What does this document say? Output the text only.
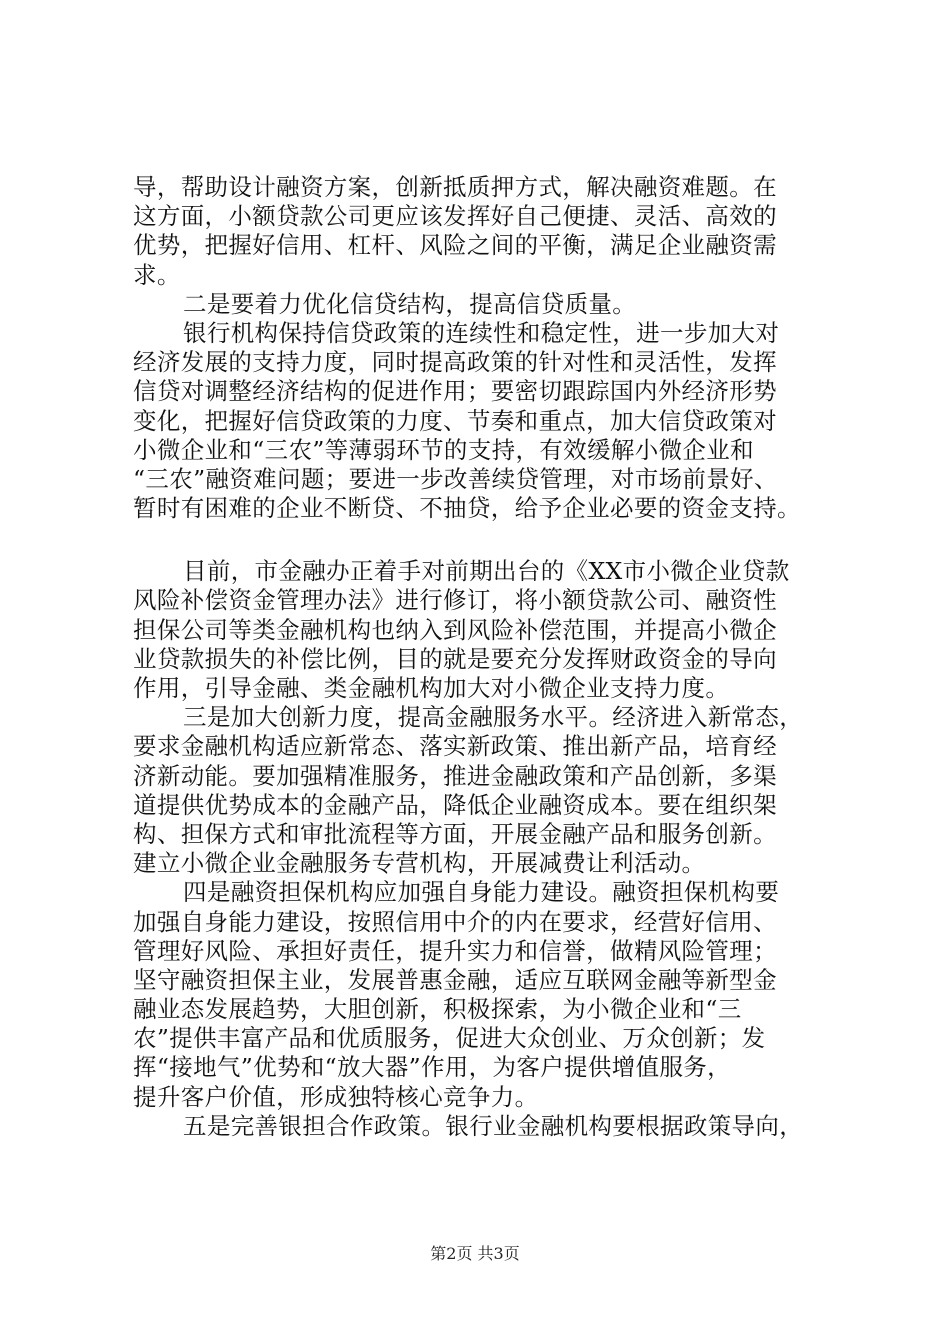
导，帮助设计融资方案，创新抵质押方式，解决融资难题。在
这方面，小额贷款公司更应该发挥好自己便捷、灵活、高效的
优势，把握好信用、杠杆、风险之间的平衡，满足企业融资需
求。
二是要着力优化信贷结构，提高信贷质量。
银行机构保持信贷政策的连续性和稳定性，进一步加大对
经济发展的支持力度，同时提高政策的针对性和灵活性，发挥
信贷对调整经济结构的促进作用；要密切跟踪国内外经济形势
变化，把握好信贷政策的力度、节奏和重点，加大信贷政策对
小微企业和“三农”等薄弱环节的支持，有效缓解小微企业和
“三农”融资难问题；要进一步改善续贷管理，对市场前景好、
暂时有困难的企业不断贷、不抽贷，给予企业必要的资金支持。
目前，市金融办正着手对前期出台的《XX市小微企业贷款
风险补偿资金管理办法》进行修订，将小额贷款公司、融资性
担保公司等类金融机构也纳入到风险补偿范围，并提高小微企
业贷款损失的补偿比例，目的就是要充分发挥财政资金的导向
作用，引导金融、类金融机构加大对小微企业支持力度。
三是加大创新力度，提高金融服务水平。经济进入新常态，
要求金融机构适应新常态、落实新政策、推出新产品，培育经
济新动能。要加强精准服务，推进金融政策和产品创新，多渠
道提供优势成本的金融产品，降低企业融资成本。要在组织架
构、担保方式和审批流程等方面，开展金融产品和服务创新。
建立小微企业金融服务专营机构，开展减费让利活动。
四是融资担保机构应加强自身能力建设。融资担保机构要
加强自身能力建设，按照信用中介的内在要求，经营好信用、
管理好风险、承担好责任，提升实力和信誉，做精风险管理；
坚守融资担保主业，发展普惠金融，适应互联网金融等新型金
融业态发展趋势，大胆创新，积极探索，为小微企业和“三
农”提供丰富产品和优质服务，促进大众创业、万众创新；发
挥“接地气”优势和“放大器”作用，为客户提供增值服务，
提升客户价值，形成独特核心竞争力。
五是完善银担合作政策。银行业金融机构要根据政策导向，
第2页 共3页
